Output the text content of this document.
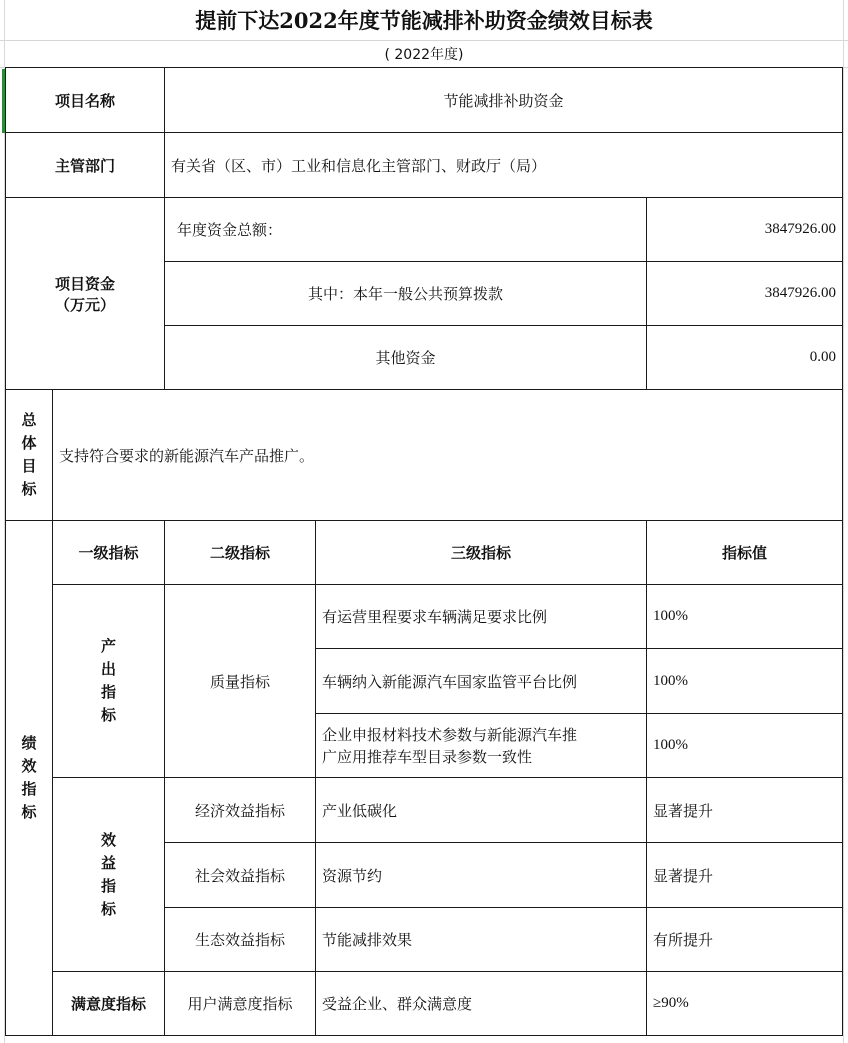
提前下达2022年度节能减排补助资金绩效目标表
( 2022年度)
项目名称		节能减排补助资金		
主管部门		有关省（区、市）工业和信息化主管部门、财政厅（局）		

项目资金
（万元）		年度资金总额：		3847926.00
		其中：本年一般公共预算拨款		3847926.00
		其他资金		0.00

总
体
目
标	支持符合要求的新能源汽车产品推广。			

绩
效
指
标	一级指标	二级指标	三级指标	指标值

	产
出
指
标	质量指标	有运营里程要求车辆满足要求比例	100%
			车辆纳入新能源汽车国家监管平台比例	100%

			企业申报材料技术参数与新能源汽车推
广应用推荐车型目录参数一致性	100%

	效
益
指
标	经济效益指标	产业低碳化	显著提升
		社会效益指标	资源节约	显著提升
		生态效益指标	节能减排效果	有所提升
	满意度指标	用户满意度指标	受益企业、群众满意度	≥90%
